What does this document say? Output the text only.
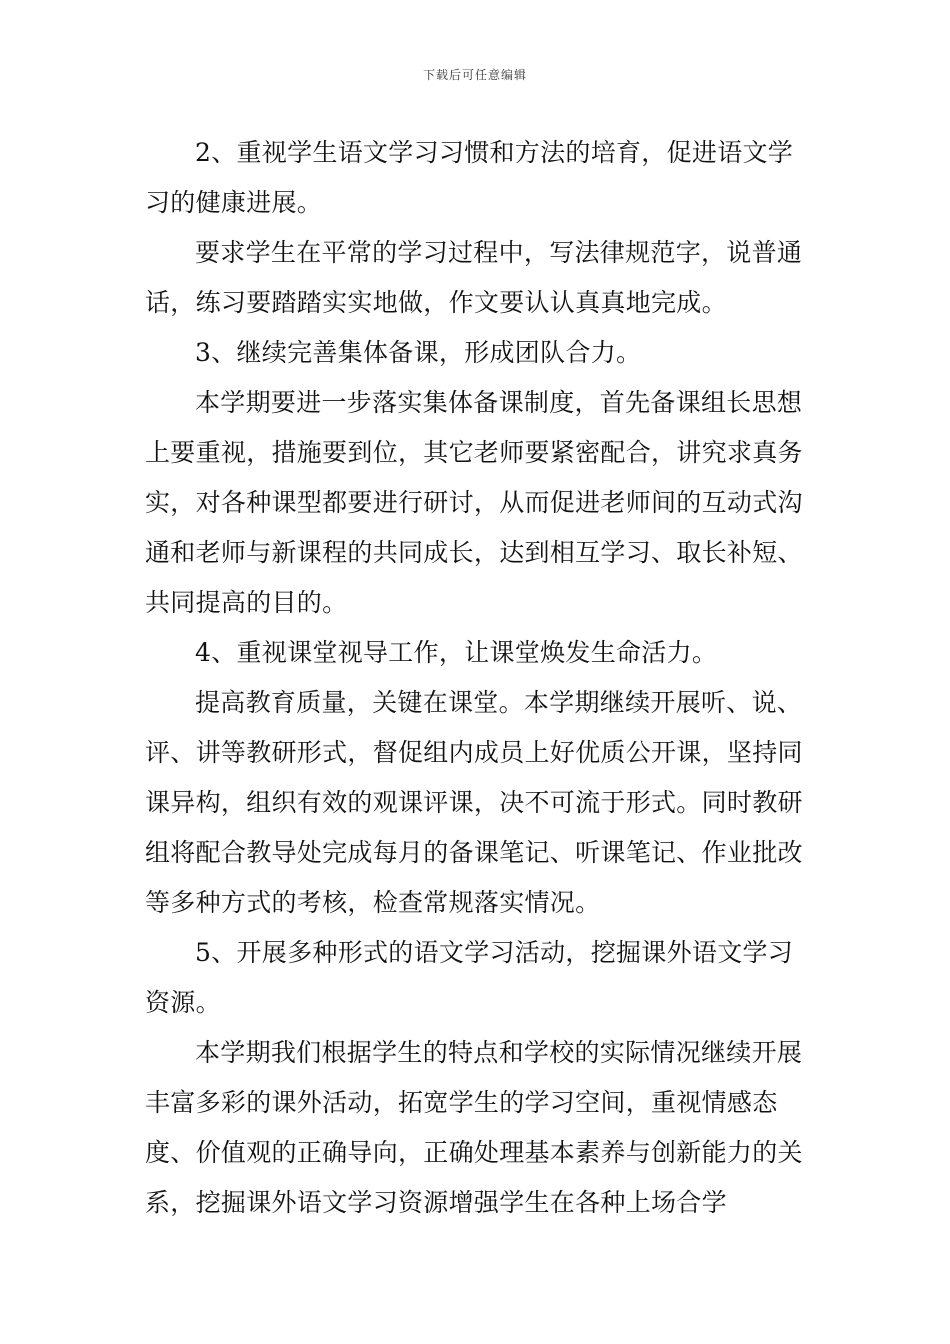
下载后可任意编辑

2、重视学生语文学习习惯和方法的培育，促进语文学习的健康进展。

要求学生在平常的学习过程中，写法律规范字，说普通话，练习要踏踏实实地做，作文要认认真真地完成。

3、继续完善集体备课，形成团队合力。

本学期要进一步落实集体备课制度，首先备课组长思想上要重视，措施要到位，其它老师要紧密配合，讲究求真务实，对各种课型都要进行研讨，从而促进老师间的互动式沟通和老师与新课程的共同成长，达到相互学习、取长补短、共同提高的目的。

4、重视课堂视导工作，让课堂焕发生命活力。

提高教育质量，关键在课堂。本学期继续开展听、说、评、讲等教研形式，督促组内成员上好优质公开课，坚持同课异构，组织有效的观课评课，决不可流于形式。同时教研组将配合教导处完成每月的备课笔记、听课笔记、作业批改等多种方式的考核，检查常规落实情况。

5、开展多种形式的语文学习活动，挖掘课外语文学习资源。

本学期我们根据学生的特点和学校的实际情况继续开展丰富多彩的课外活动，拓宽学生的学习空间，重视情感态度、价值观的正确导向，正确处理基本素养与创新能力的关系，挖掘课外语文学习资源增强学生在各种上场合学
